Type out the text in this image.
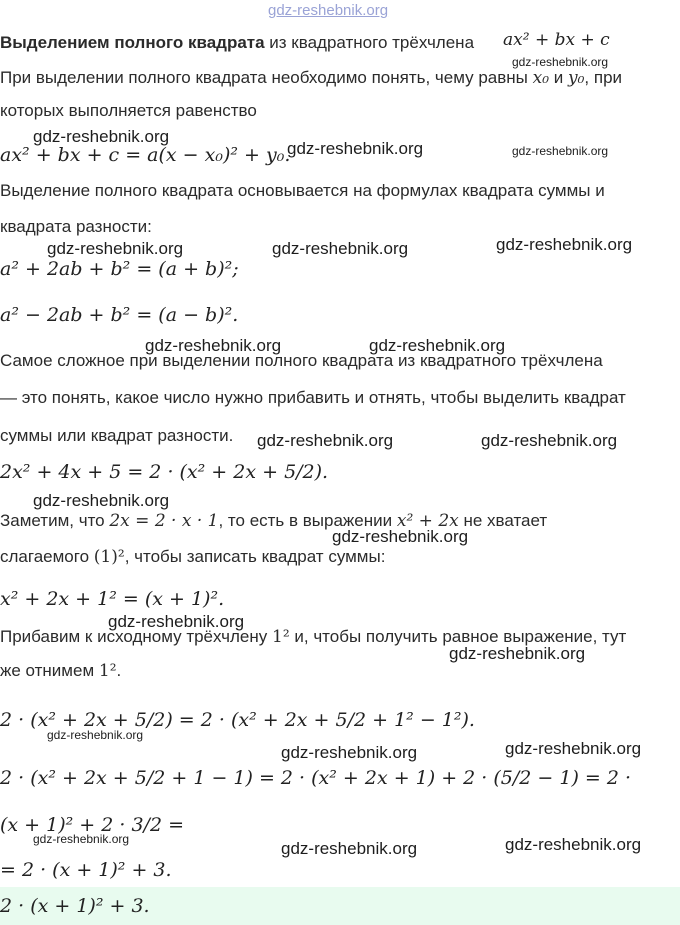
gdz-reshebnik.org
Выделением полного квадрата из квадратного трёхчлена ax² + bx + c
При выделении полного квадрата необходимо понять, чему равны x₀ и y₀, при
которых выполняется равенство
ax² + bx + c = a(x − x₀)² + y₀.
Выделение полного квадрата основывается на формулах квадрата суммы и
квадрата разности:
a² + 2ab + b² = (a + b)²;
a² − 2ab + b² = (a − b)².
Самое сложное при выделении полного квадрата из квадратного трёхчлена
— это понять, какое число нужно прибавить и отнять, чтобы выделить квадрат
суммы или квадрат разности.
2x² + 4x + 5 = 2 · (x² + 2x + 5/2).
Заметим, что 2x = 2 · x · 1, то есть в выражении x² + 2x не хватает
слагаемого (1)², чтобы записать квадрат суммы:
x² + 2x + 1² = (x + 1)².
Прибавим к исходному трёхчлену 1² и, чтобы получить равное выражение, тут
же отнимем 1².
2 · (x² + 2x + 5/2) = 2 · (x² + 2x + 5/2 + 1² − 1²).
2 · (x² + 2x + 5/2 + 1 − 1) = 2 · (x² + 2x + 1) + 2 · (5/2 − 1) = 2 ·
(x + 1)² + 2 · 3/2 =
= 2 · (x + 1)² + 3.
2 · (x + 1)² + 3.
gdz-reshebnik.org
gdz-reshebnik.org
gdz-reshebnik.org	gdz-reshebnik.org
gdz-reshebnik.org	gdz-reshebnik.org	gdz-reshebnik.org
gdz-reshebnik.org	gdz-reshebnik.org
gdz-reshebnik.org	gdz-reshebnik.org
gdz-reshebnik.org
gdz-reshebnik.org
gdz-reshebnik.org
gdz-reshebnik.org
gdz-reshebnik.org
gdz-reshebnik.org	gdz-reshebnik.org
gdz-reshebnik.org	gdz-reshebnik.org	gdz-reshebnik.org
